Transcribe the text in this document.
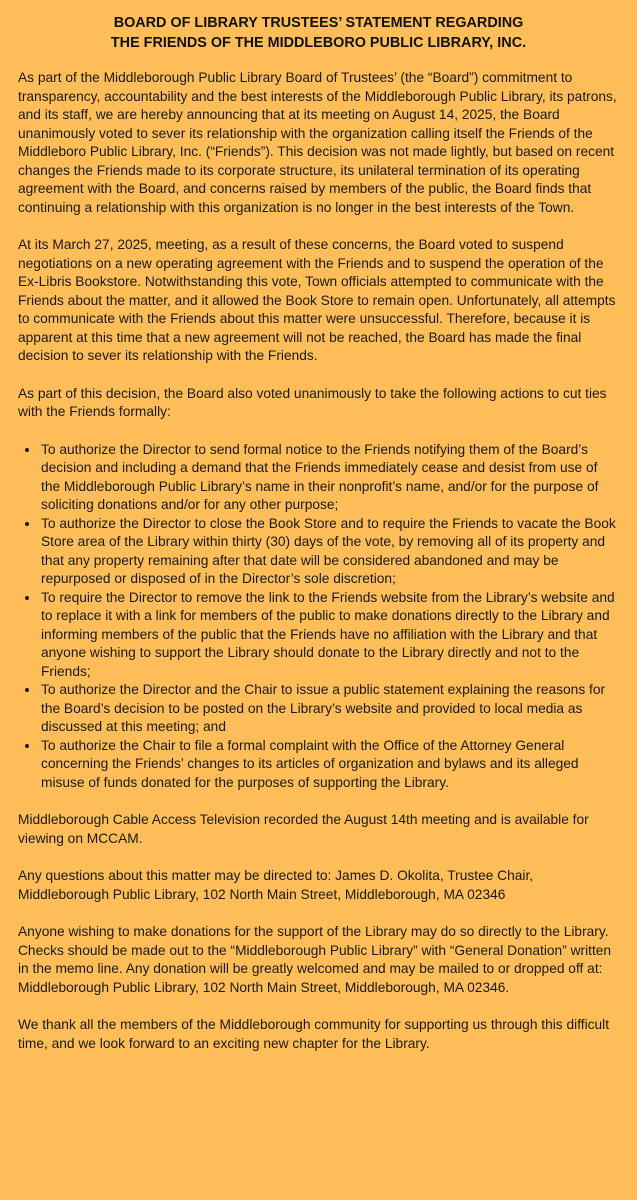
BOARD OF LIBRARY TRUSTEES’ STATEMENT REGARDING
THE FRIENDS OF THE MIDDLEBORO PUBLIC LIBRARY, INC.

As part of the Middleborough Public Library Board of Trustees’ (the “Board”) commitment to transparency, accountability and the best interests of the Middleborough Public Library, its patrons, and its staff, we are hereby announcing that at its meeting on August 14, 2025, the Board unanimously voted to sever its relationship with the organization calling itself the Friends of the Middleboro Public Library, Inc. (“Friends”). This decision was not made lightly, but based on recent changes the Friends made to its corporate structure, its unilateral termination of its operating agreement with the Board, and concerns raised by members of the public, the Board finds that continuing a relationship with this organization is no longer in the best interests of the Town.

At its March 27, 2025, meeting, as a result of these concerns, the Board voted to suspend negotiations on a new operating agreement with the Friends and to suspend the operation of the Ex-Libris Bookstore. Notwithstanding this vote, Town officials attempted to communicate with the Friends about the matter, and it allowed the Book Store to remain open. Unfortunately, all attempts to communicate with the Friends about this matter were unsuccessful. Therefore, because it is apparent at this time that a new agreement will not be reached, the Board has made the final decision to sever its relationship with the Friends.

As part of this decision, the Board also voted unanimously to take the following actions to cut ties with the Friends formally:

• To authorize the Director to send formal notice to the Friends notifying them of the Board’s decision and including a demand that the Friends immediately cease and desist from use of the Middleborough Public Library’s name in their nonprofit’s name, and/or for the purpose of soliciting donations and/or for any other purpose;
• To authorize the Director to close the Book Store and to require the Friends to vacate the Book Store area of the Library within thirty (30) days of the vote, by removing all of its property and that any property remaining after that date will be considered abandoned and may be repurposed or disposed of in the Director’s sole discretion;
• To require the Director to remove the link to the Friends website from the Library’s website and to replace it with a link for members of the public to make donations directly to the Library and informing members of the public that the Friends have no affiliation with the Library and that anyone wishing to support the Library should donate to the Library directly and not to the Friends;
• To authorize the Director and the Chair to issue a public statement explaining the reasons for the Board’s decision to be posted on the Library’s website and provided to local media as discussed at this meeting; and
• To authorize the Chair to file a formal complaint with the Office of the Attorney General concerning the Friends’ changes to its articles of organization and bylaws and its alleged misuse of funds donated for the purposes of supporting the Library.

Middleborough Cable Access Television recorded the August 14th meeting and is available for viewing on MCCAM.

Any questions about this matter may be directed to: James D. Okolita, Trustee Chair, Middleborough Public Library, 102 North Main Street, Middleborough, MA 02346

Anyone wishing to make donations for the support of the Library may do so directly to the Library. Checks should be made out to the “Middleborough Public Library” with “General Donation” written in the memo line. Any donation will be greatly welcomed and may be mailed to or dropped off at: Middleborough Public Library, 102 North Main Street, Middleborough, MA 02346.

We thank all the members of the Middleborough community for supporting us through this difficult time, and we look forward to an exciting new chapter for the Library.
